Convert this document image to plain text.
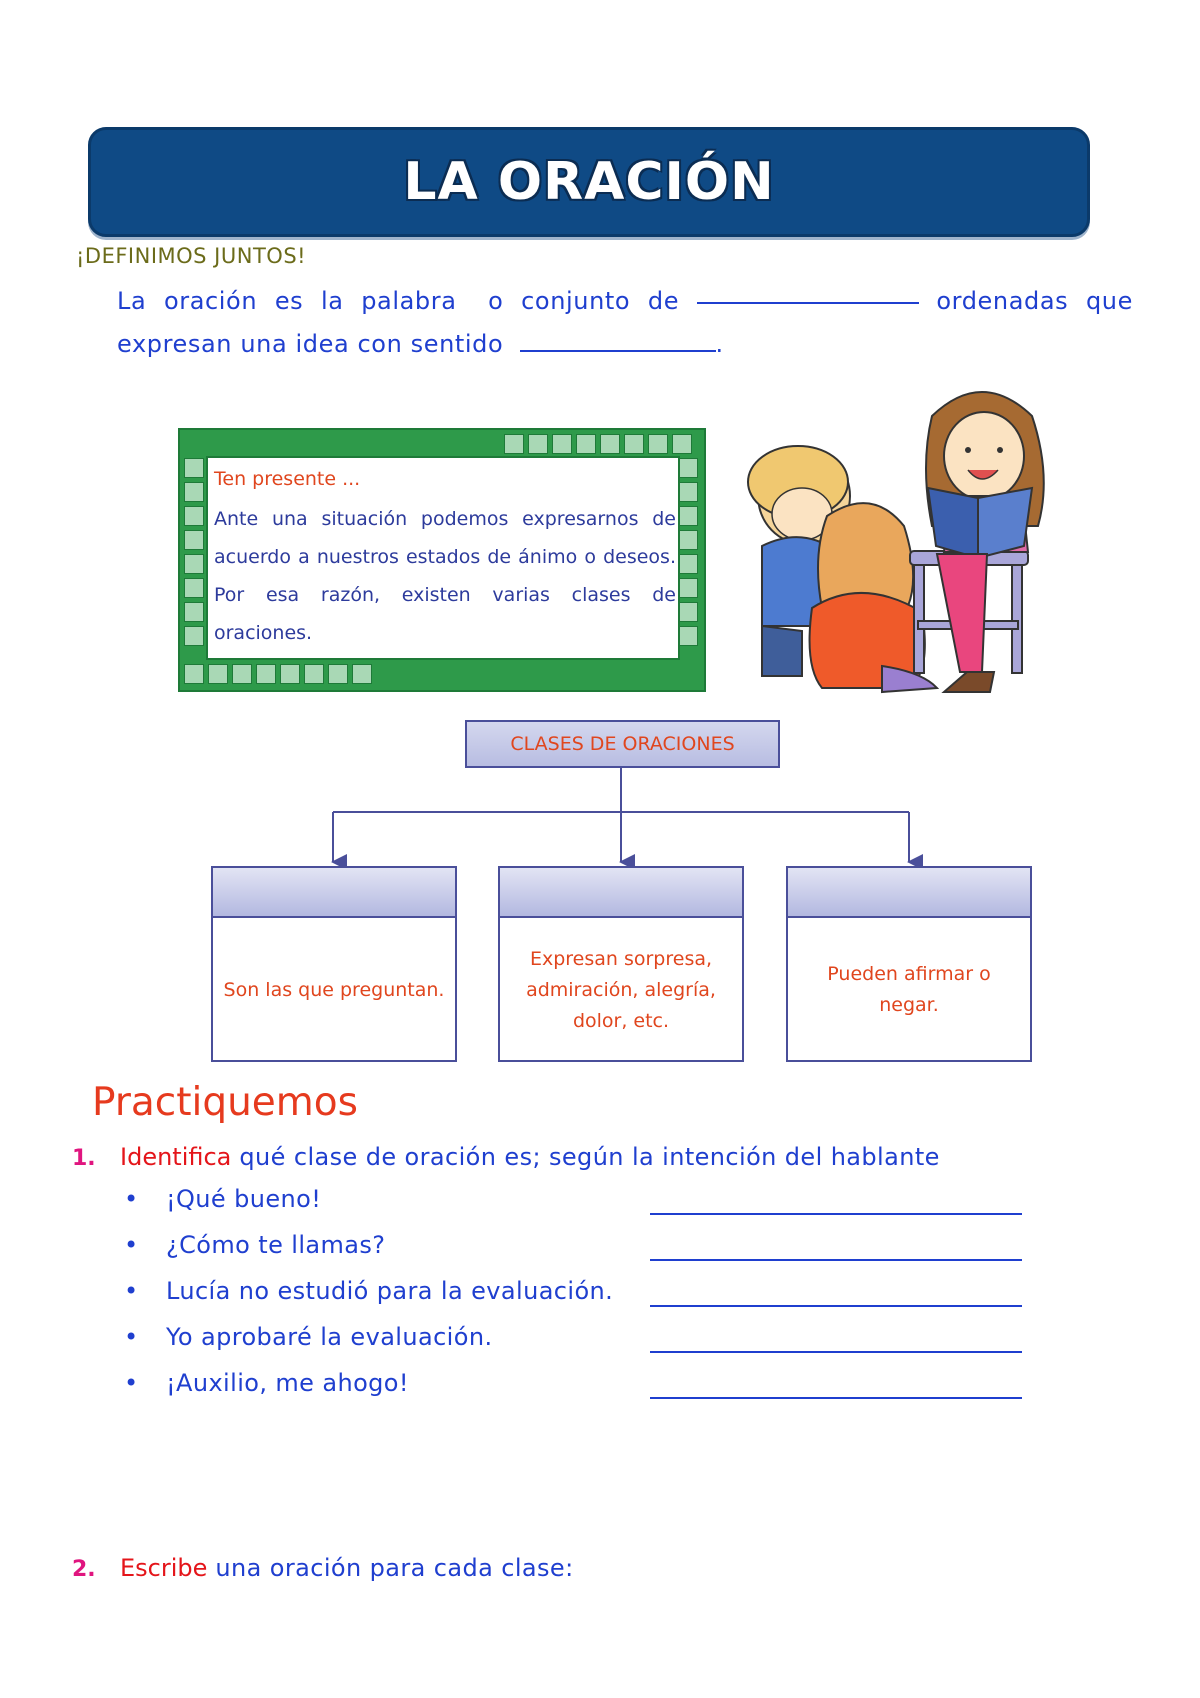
LA ORACIÓN
¡DEFINIMOS JUNTOS!
La oración es la palabra o conjunto de	ordenadas que
expresan una idea con sentido	.
Ten presente ...
Ante una situación podemos expresarnos de acuerdo a nuestros estados de ánimo o deseos. Por esa razón, existen varias clases de oraciones.
CLASES DE ORACIONES
Son las que preguntan.
Expresan sorpresa, admiración, alegría, dolor, etc.
Pueden afirmar o negar.
Practiquemos
1. Identifica qué clase de oración es; según la intención del hablante
• ¡Qué bueno!
• ¿Cómo te llamas?
• Lucía no estudió para la evaluación.
• Yo aprobaré la evaluación.
• ¡Auxilio, me ahogo!
2. Escribe una oración para cada clase:
